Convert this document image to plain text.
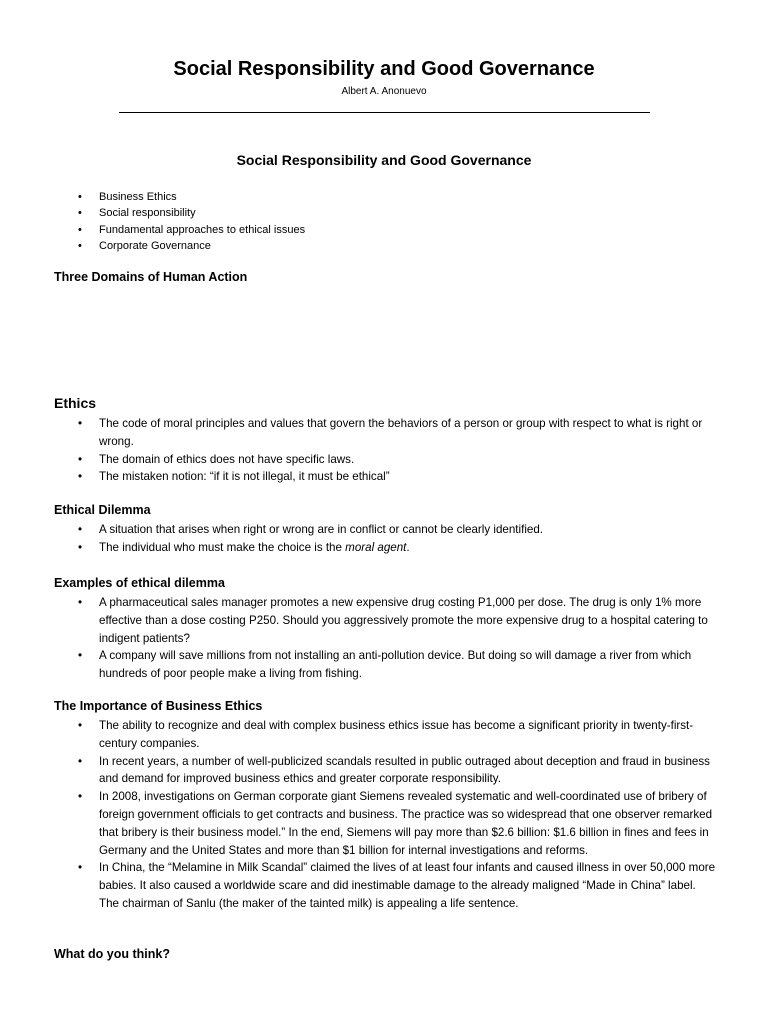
Social Responsibility and Good Governance
Albert A. Anonuevo
Social Responsibility and Good Governance
• Business Ethics
• Social responsibility
• Fundamental approaches to ethical issues
• Corporate Governance
Three Domains of Human Action
Ethics
• The code of moral principles and values that govern the behaviors of a person or group with respect to what is right or wrong.
• The domain of ethics does not have specific laws.
• The mistaken notion: “if it is not illegal, it must be ethical”
Ethical Dilemma
• A situation that arises when right or wrong are in conflict or cannot be clearly identified.
• The individual who must make the choice is the moral agent.
Examples of ethical dilemma
• A pharmaceutical sales manager promotes a new expensive drug costing P1,000 per dose. The drug is only 1% more effective than a dose costing P250. Should you aggressively promote the more expensive drug to a hospital catering to indigent patients?
• A company will save millions from not installing an anti-pollution device. But doing so will damage a river from which hundreds of poor people make a living from fishing.
The Importance of Business Ethics
• The ability to recognize and deal with complex business ethics issue has become a significant priority in twenty-first-century companies.
• In recent years, a number of well-publicized scandals resulted in public outraged about deception and fraud in business and demand for improved business ethics and greater corporate responsibility.
• In 2008, investigations on German corporate giant Siemens revealed systematic and well-coordinated use of bribery of foreign government officials to get contracts and business. The practice was so widespread that one observer remarked that bribery is their business model.” In the end, Siemens will pay more than $2.6 billion: $1.6 billion in fines and fees in Germany and the United States and more than $1 billion for internal investigations and reforms.
• In China, the “Melamine in Milk Scandal” claimed the lives of at least four infants and caused illness in over 50,000 more babies. It also caused a worldwide scare and did inestimable damage to the already maligned “Made in China” label. The chairman of Sanlu (the maker of the tainted milk) is appealing a life sentence.
What do you think?
